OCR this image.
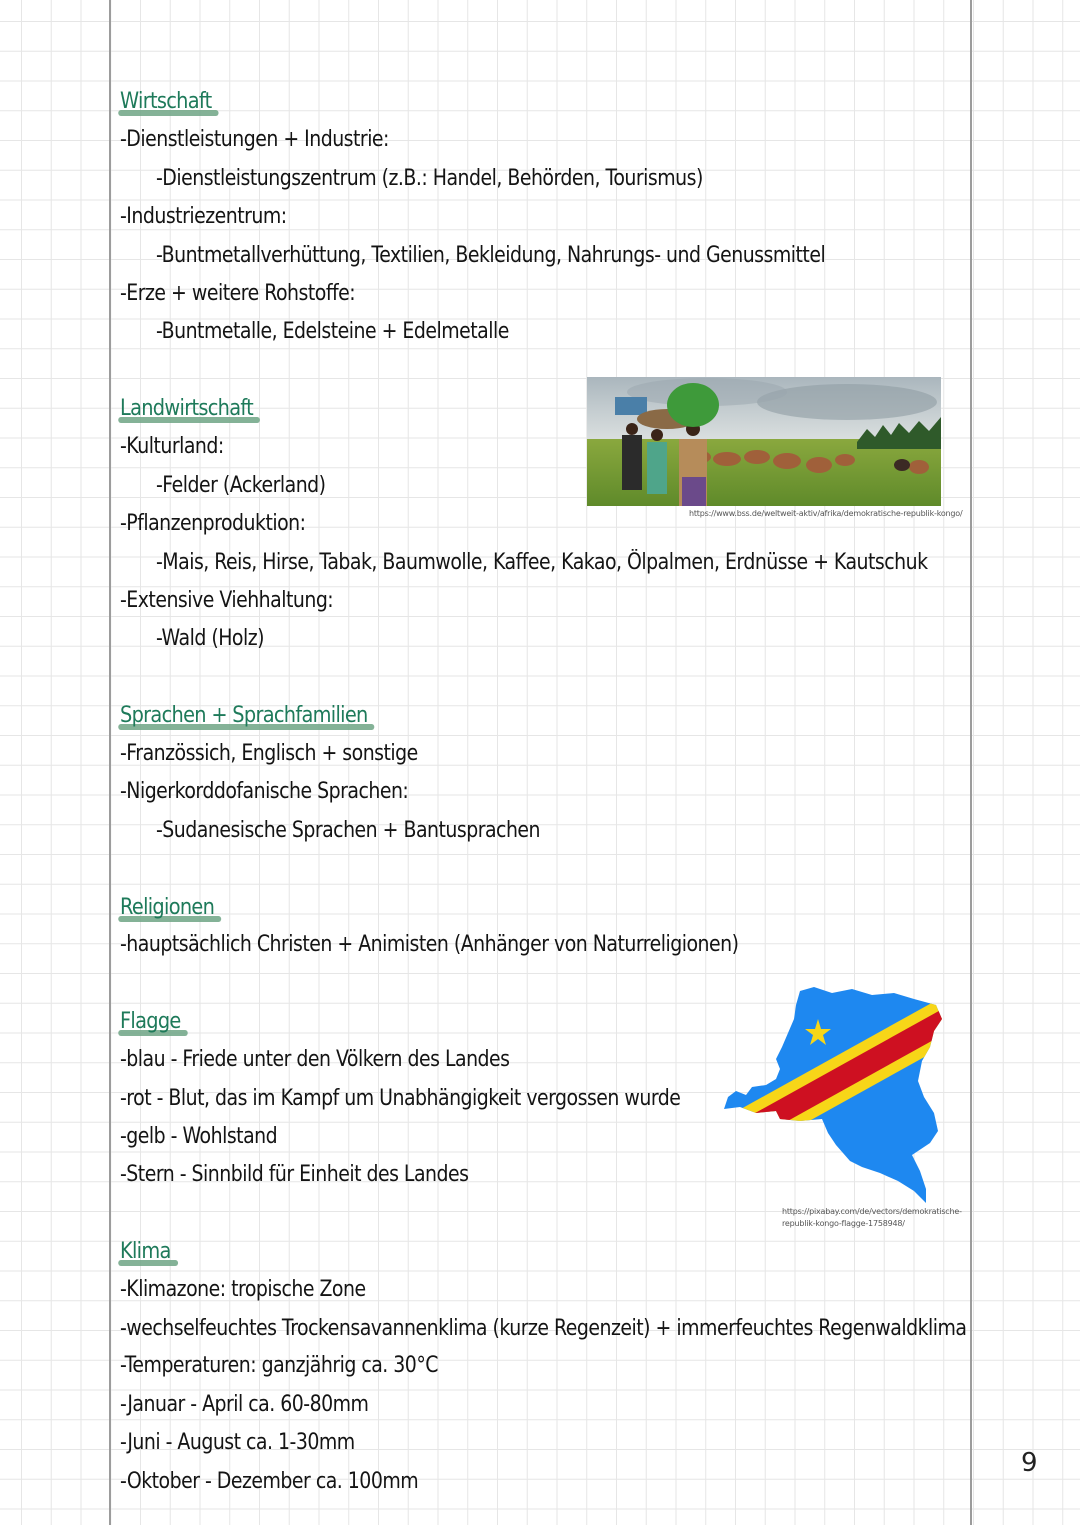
Wirtschaft
-Dienstleistungen + Industrie:
-Dienstleistungszentrum (z.B.: Handel, Behörden, Tourismus)
-Industriezentrum:
-Buntmetallverhüttung, Textilien, Bekleidung, Nahrungs- und Genussmittel
-Erze + weitere Rohstoffe:
-Buntmetalle, Edelsteine + Edelmetalle
Landwirtschaft
-Kulturland:
-Felder (Ackerland)
-Pflanzenproduktion:
-Mais, Reis, Hirse, Tabak, Baumwolle, Kaffee, Kakao, Ölpalmen, Erdnüsse + Kautschuk
-Extensive Viehhaltung:
-Wald (Holz)
Sprachen + Sprachfamilien
-Französsich, Englisch + sonstige
-Nigerkorddofanische Sprachen:
-Sudanesische Sprachen + Bantusprachen
Religionen
-hauptsächlich Christen + Animisten (Anhänger von Naturreligionen)
Flagge
-blau - Friede unter den Völkern des Landes
-rot - Blut, das im Kampf um Unabhängigkeit vergossen wurde
-gelb - Wohlstand
-Stern - Sinnbild für Einheit des Landes
Klima
-Klimazone: tropische Zone
-wechselfeuchtes Trockensavannenklima (kurze Regenzeit) + immerfeuchtes Regenwaldklima
-Temperaturen: ganzjährig ca. 30°C
-Januar - April ca. 60-80mm
-Juni - August ca. 1-30mm
-Oktober - Dezember ca. 100mm
https://www.bss.de/weltweit-aktiv/afrika/demokratische-republik-kongo/
https://pixabay.com/de/vectors/demokratische-
republik-kongo-flagge-1758948/
9
